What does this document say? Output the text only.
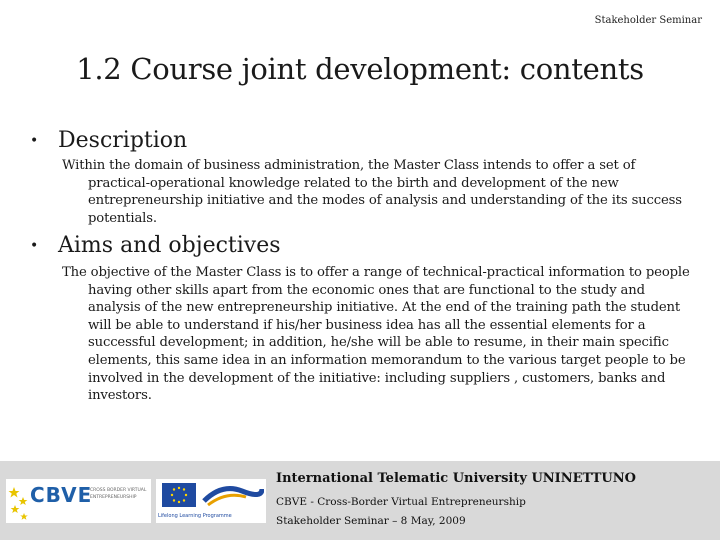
Stakeholder Seminar
1.2 Course joint development: contents
• Description

Within the domain of business administration, the Master Class intends to offer a set of practical-operational knowledge related to the birth and development of the new entrepreneurship initiative and the modes of analysis and understanding of the its success potentials.

• Aims and objectives

The objective of the Master Class is to offer a range of technical-practical information to people having other skills apart from the economic ones that are functional to the study and analysis of the new entrepreneurship initiative. At the end of the training path the student will be able to understand if his/her business idea has all the essential elements for a successful development; in addition, he/she will be able to resume, in their main specific elements, this same idea in an information memorandum to the various target people to be involved in the development of the initiative: including suppliers , customers, banks and investors.

CBVE
CROSS BORDER VIRTUAL ENTREPRENEURSHIP
Lifelong Learning Programme

International Telematic University UNINETTUNO

CBVE - Cross-Border Virtual Entrepreneurship

Stakeholder Seminar – 8 May, 2009
